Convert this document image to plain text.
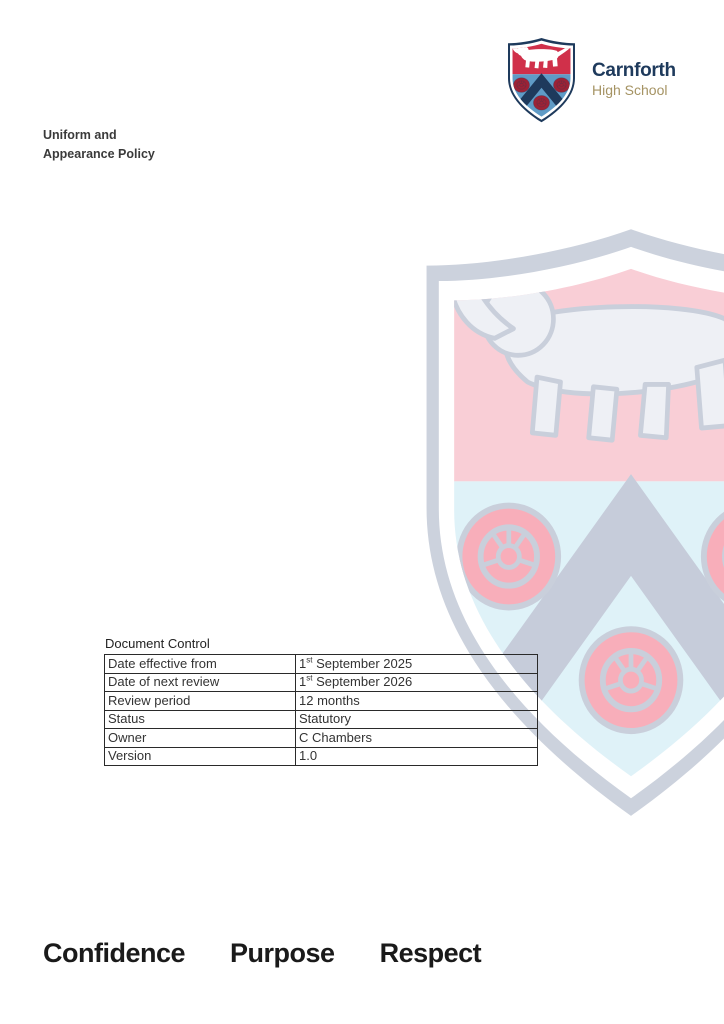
Carnforth
High School
Uniform and
Appearance Policy
Document Control
Date effective from	1st September 2025
Date of next review	1st September 2026
Review period	12 months
Status	Statutory
Owner	C Chambers
Version	1.0
Confidence Purpose Respect
